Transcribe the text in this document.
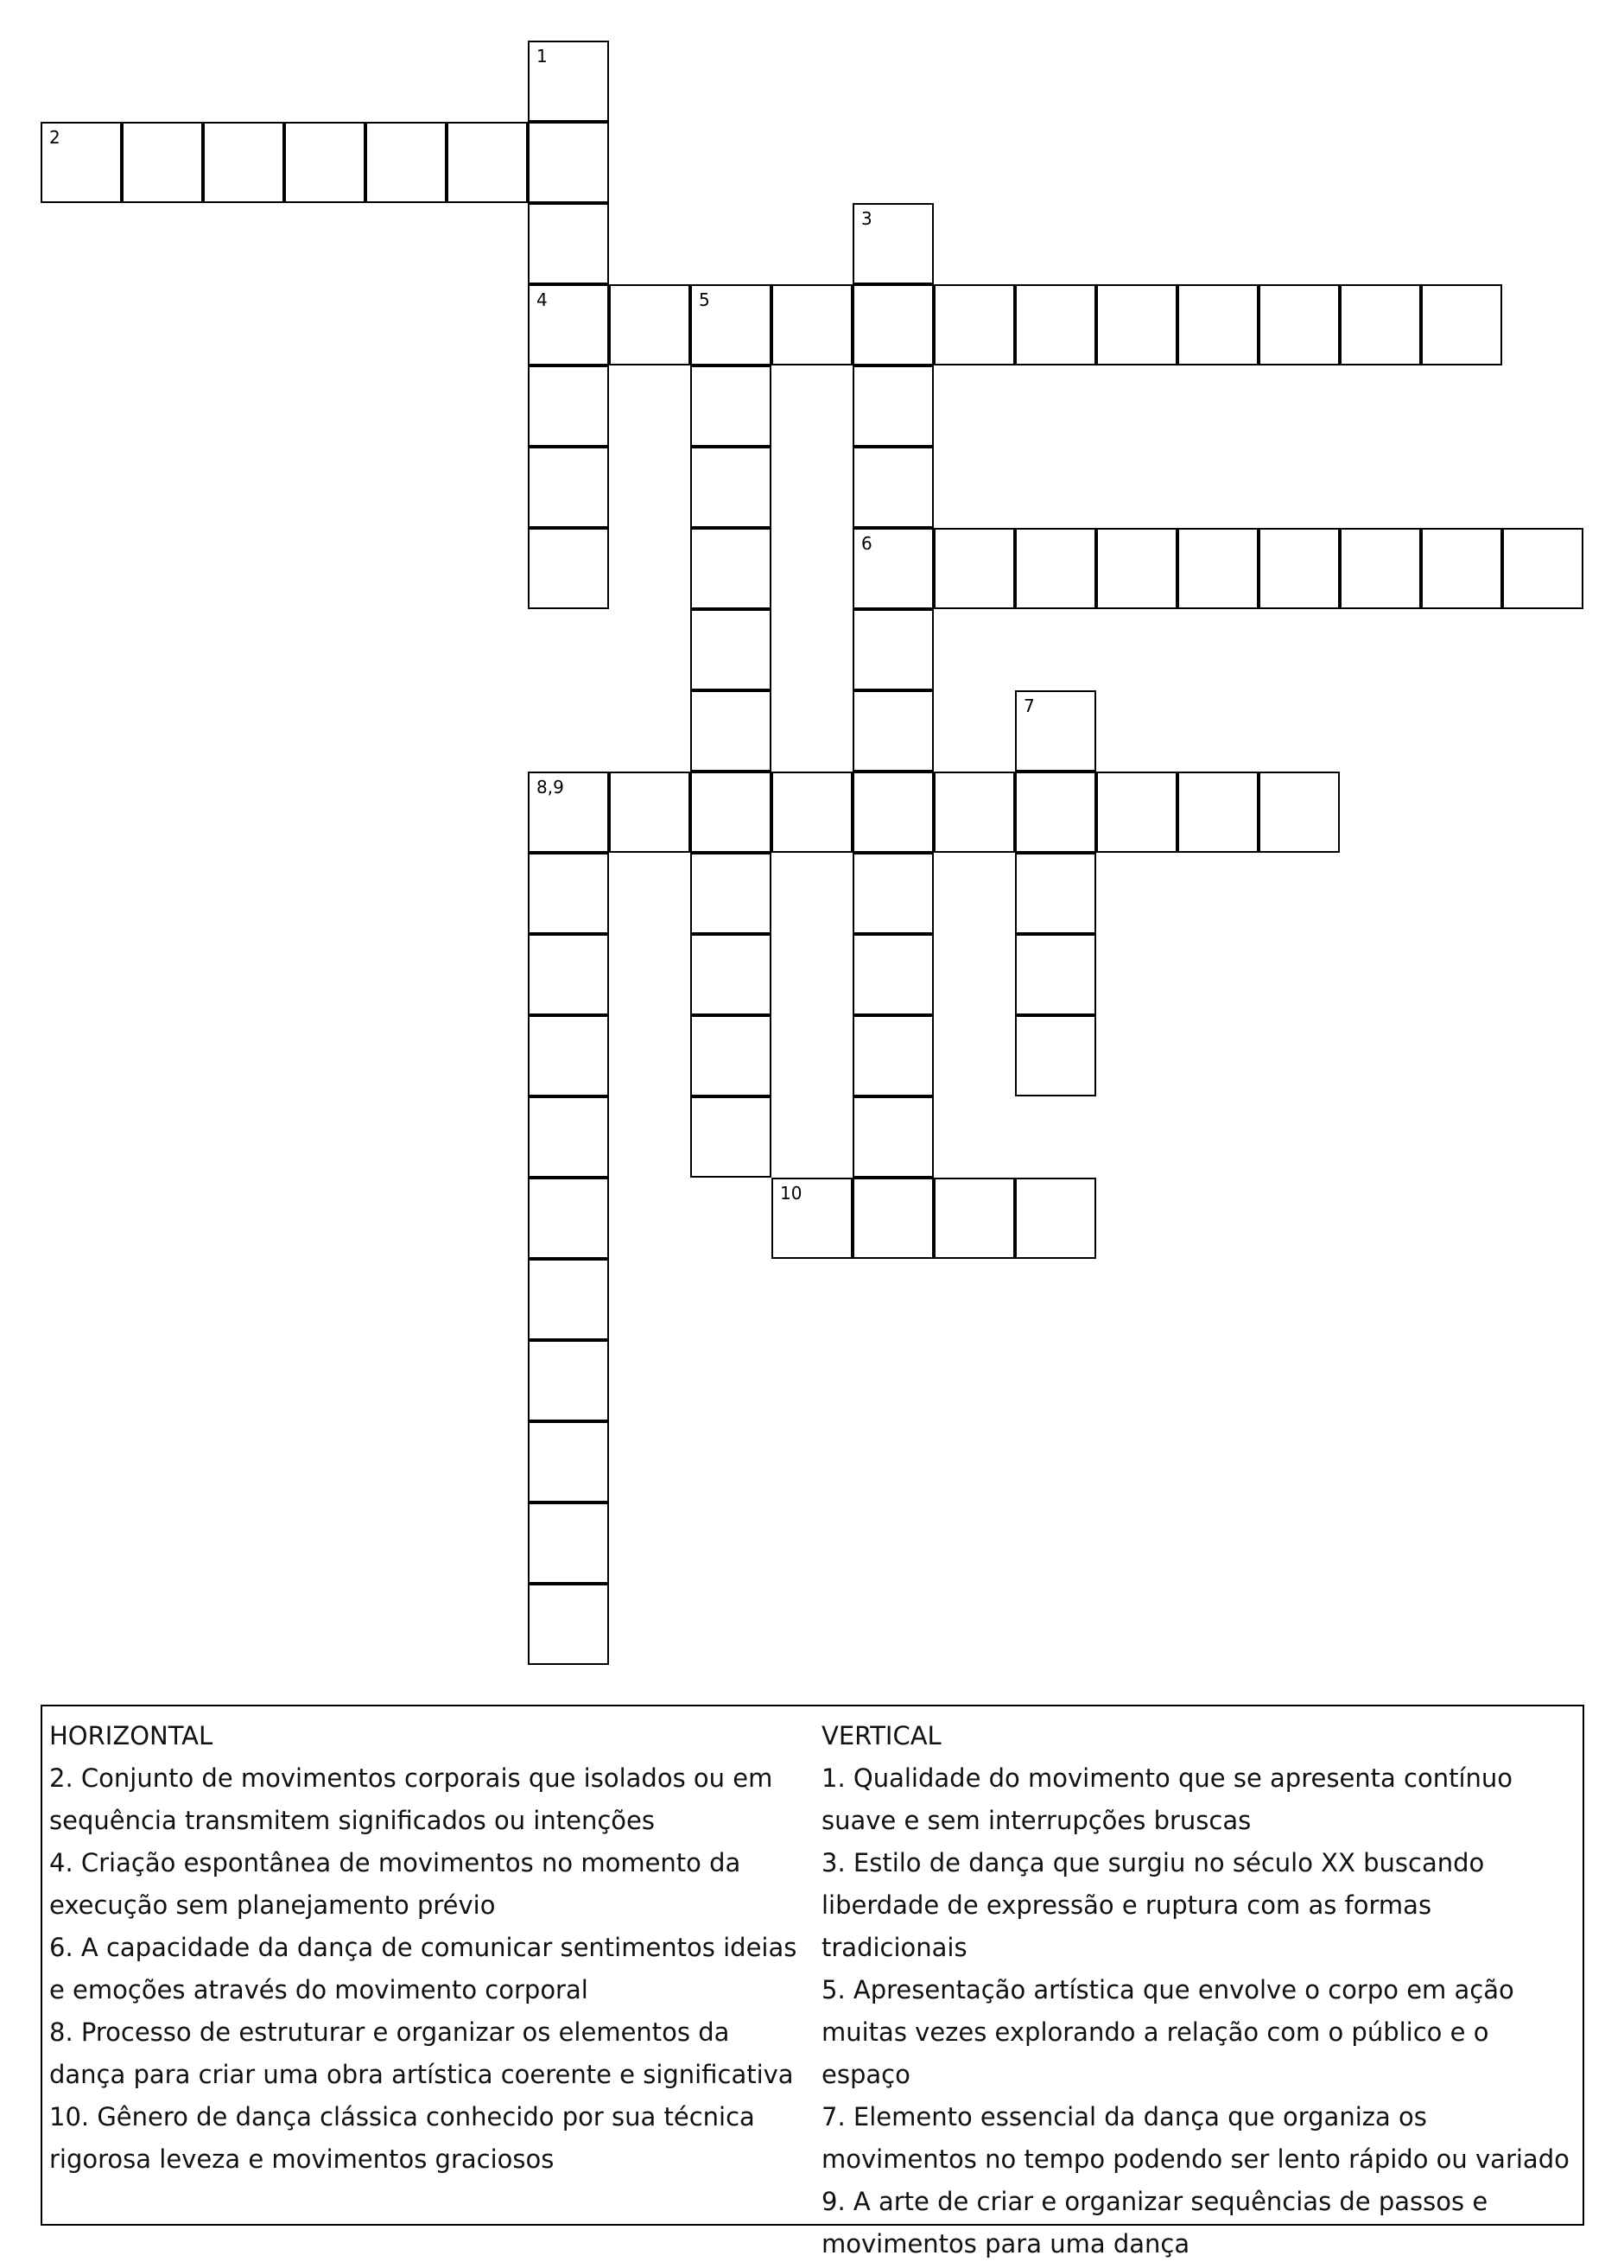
1
4
2
3
6
5
7
8,9
10
HORIZONTAL
2. Conjunto de movimentos corporais que isolados ou em sequência transmitem significados ou intenções
4. Criação espontânea de movimentos no momento da execução sem planejamento prévio
6. A capacidade da dança de comunicar sentimentos ideias e emoções através do movimento corporal
8. Processo de estruturar e organizar os elementos da dança para criar uma obra artística coerente e significativa
10. Gênero de dança clássica conhecido por sua técnica rigorosa leveza e movimentos graciosos
VERTICAL
1. Qualidade do movimento que se apresenta contínuo suave e sem interrupções bruscas
3. Estilo de dança que surgiu no século XX buscando liberdade de expressão e ruptura com as formas tradicionais
5. Apresentação artística que envolve o corpo em ação muitas vezes explorando a relação com o público e o espaço
7. Elemento essencial da dança que organiza os movimentos no tempo podendo ser lento rápido ou variado
9. A arte de criar e organizar sequências de passos e movimentos para uma dança
